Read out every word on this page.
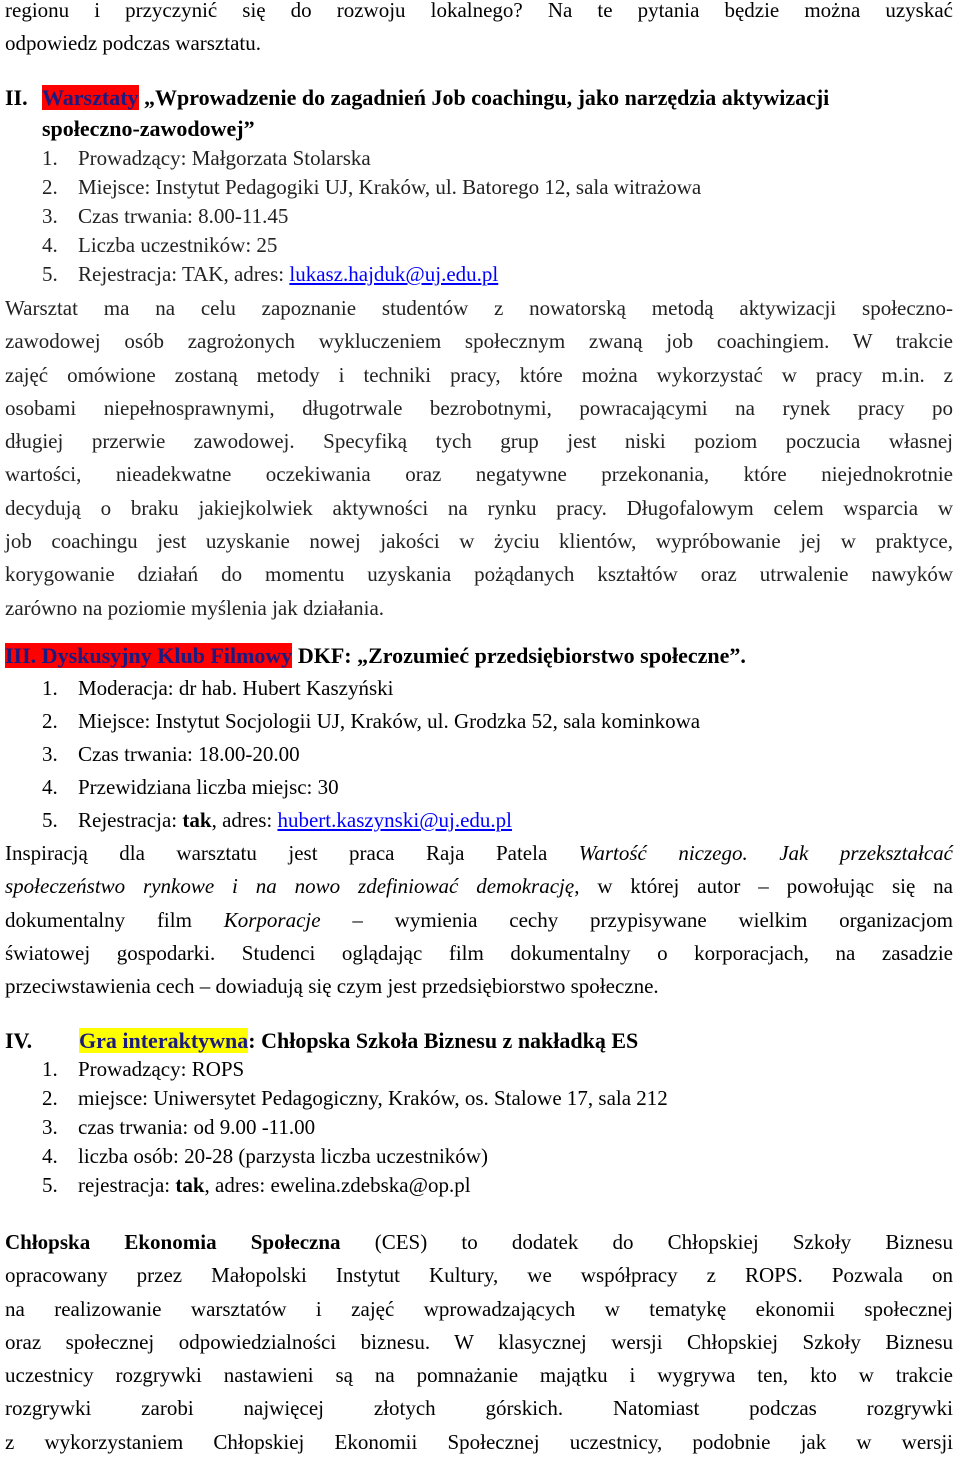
regionu i przyczynić się do rozwoju lokalnego? Na te pytania będzie można uzyskać

odpowiedz podczas warsztatu.

II. Warsztaty „Wprowadzenie do zagadnień Job coachingu, jako narzędzia aktywizacji

społeczno-zawodowej”

1. Prowadzący: Małgorzata Stolarska
2. Miejsce: Instytut Pedagogiki UJ, Kraków, ul. Batorego 12, sala witrażowa
3. Czas trwania: 8.00-11.45
4. Liczba uczestników: 25
5. Rejestracja: TAK, adres: lukasz.hajduk@uj.edu.pl

Warsztat ma na celu zapoznanie studentów z nowatorską metodą aktywizacji społeczno-

zawodowej osób zagrożonych wykluczeniem społecznym zwaną job coachingiem. W trakcie

zajęć omówione zostaną metody i techniki pracy, które można wykorzystać w pracy m.in. z

osobami niepełnosprawnymi, długotrwale bezrobotnymi, powracającymi na rynek pracy po

długiej przerwie zawodowej. Specyfiką tych grup jest niski poziom poczucia własnej

wartości, nieadekwatne oczekiwania oraz negatywne przekonania, które niejednokrotnie

decydują o braku jakiejkolwiek aktywności na rynku pracy. Długofalowym celem wsparcia w

job coachingu jest uzyskanie nowej jakości w życiu klientów, wypróbowanie jej w praktyce,

korygowanie działań do momentu uzyskania pożądanych kształtów oraz utrwalenie nawyków

zarówno na poziomie myślenia jak działania.

III. Dyskusyjny Klub Filmowy DKF: „Zrozumieć przedsiębiorstwo społeczne”.

1. Moderacja: dr hab. Hubert Kaszyński
2. Miejsce: Instytut Socjologii UJ, Kraków, ul. Grodzka 52, sala kominkowa
3. Czas trwania: 18.00-20.00
4. Przewidziana liczba miejsc: 30
5. Rejestracja: tak, adres: hubert.kaszynski@uj.edu.pl

Inspiracją dla warsztatu jest praca Raja Patela Wartość niczego. Jak przekształcać

społeczeństwo rynkowe i na nowo zdefiniować demokrację, w której autor – powołując się na

dokumentalny film Korporacje – wymienia cechy przypisywane wielkim organizacjom

światowej gospodarki. Studenci oglądając film dokumentalny o korporacjach, na zasadzie

przeciwstawienia cech – dowiadują się czym jest przedsiębiorstwo społeczne.

IV. Gra interaktywna: Chłopska Szkoła Biznesu z nakładką ES

1. Prowadzący: ROPS
2. miejsce: Uniwersytet Pedagogiczny, Kraków, os. Stalowe 17, sala 212
3. czas trwania: od 9.00 -11.00
4. liczba osób: 20-28 (parzysta liczba uczestników)
5. rejestracja: tak, adres: ewelina.zdebska@op.pl

Chłopska Ekonomia Społeczna (CES) to dodatek do Chłopskiej Szkoły Biznesu

opracowany przez Małopolski Instytut Kultury, we współpracy z ROPS. Pozwala on

na realizowanie warsztatów i zajęć wprowadzających w tematykę ekonomii społecznej

oraz społecznej odpowiedzialności biznesu. W klasycznej wersji Chłopskiej Szkoły Biznesu

uczestnicy rozgrywki nastawieni są na pomnażanie majątku i wygrywa ten, kto w trakcie

rozgrywki zarobi najwięcej złotych górskich. Natomiast podczas rozgrywki

z wykorzystaniem Chłopskiej Ekonomii Społecznej uczestnicy, podobnie jak w wersji
